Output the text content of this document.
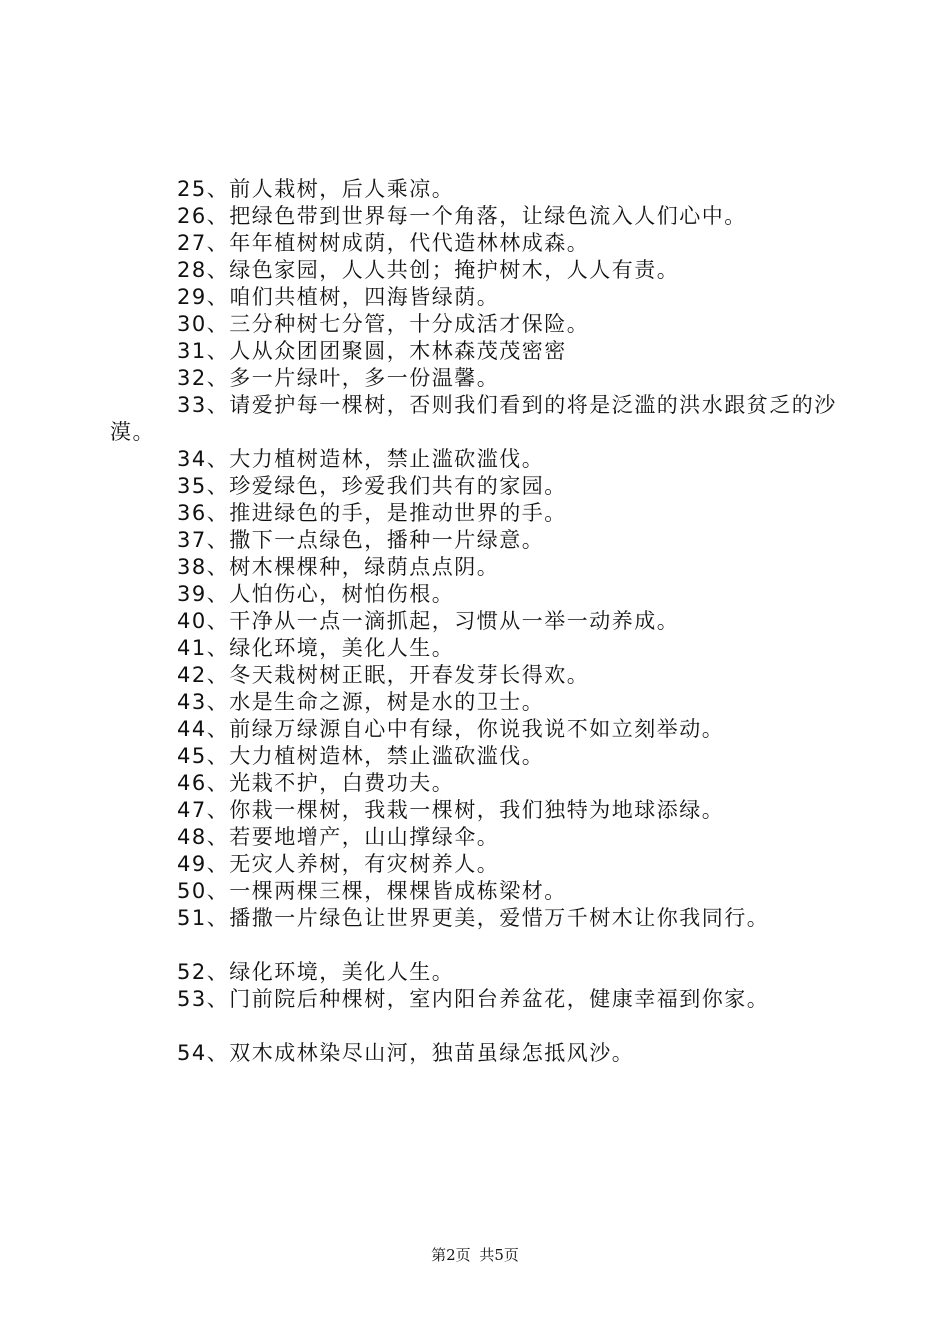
25、前人栽树，后人乘凉。
26、把绿色带到世界每一个角落，让绿色流入人们心中。
27、年年植树树成荫，代代造林林成森。
28、绿色家园，人人共创；掩护树木，人人有责。
29、咱们共植树，四海皆绿荫。
30、三分种树七分管，十分成活才保险。
31、人从众团团聚圆，木林森茂茂密密
32、多一片绿叶，多一份温馨。
33、请爱护每一棵树，否则我们看到的将是泛滥的洪水跟贫乏的沙漠。
34、大力植树造林，禁止滥砍滥伐。
35、珍爱绿色，珍爱我们共有的家园。
36、推进绿色的手，是推动世界的手。
37、撒下一点绿色，播种一片绿意。
38、树木棵棵种，绿荫点点阴。
39、人怕伤心，树怕伤根。
40、干净从一点一滴抓起，习惯从一举一动养成。
41、绿化环境，美化人生。
42、冬天栽树树正眠，开春发芽长得欢。
43、水是生命之源，树是水的卫士。
44、前绿万绿源自心中有绿，你说我说不如立刻举动。
45、大力植树造林，禁止滥砍滥伐。
46、光栽不护，白费功夫。
47、你栽一棵树，我栽一棵树，我们独特为地球添绿。
48、若要地增产，山山撑绿伞。
49、无灾人养树，有灾树养人。
50、一棵两棵三棵，棵棵皆成栋梁材。
51、播撒一片绿色让世界更美，爱惜万千树木让你我同行。
52、绿化环境，美化人生。
53、门前院后种棵树，室内阳台养盆花，健康幸福到你家。
54、双木成林染尽山河，独苗虽绿怎抵风沙。
第2页 共5页
